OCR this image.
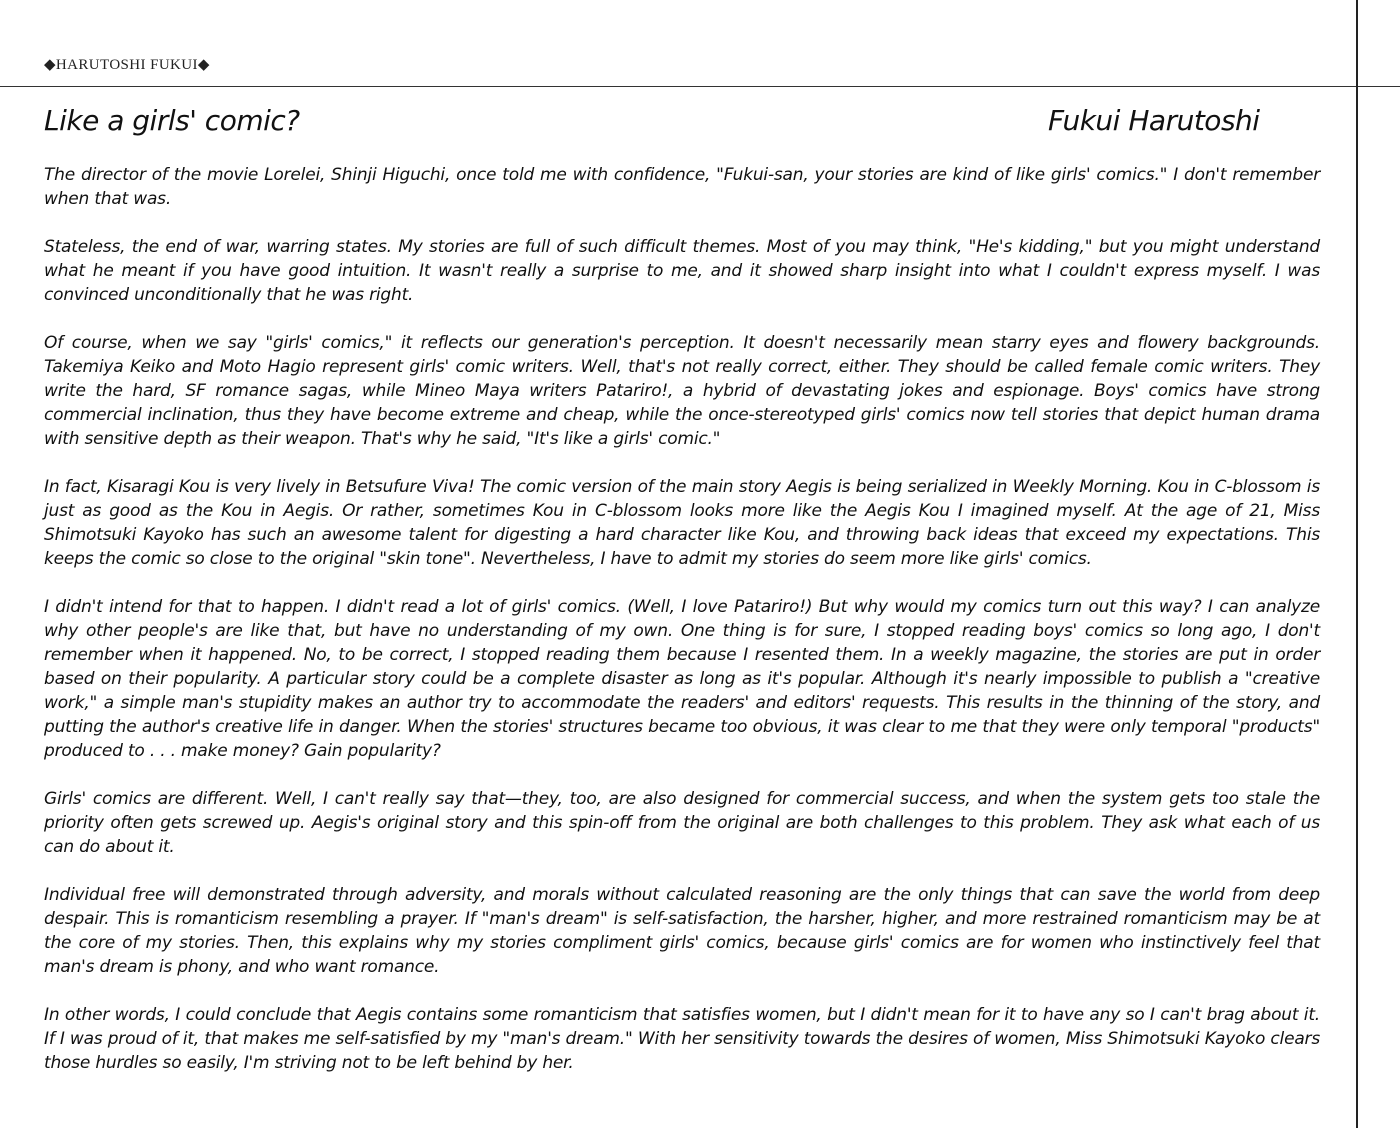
◆HARUTOSHI FUKUI◆
Like a girls' comic?	Fukui Harutoshi

The director of the movie Lorelei, Shinji Higuchi, once told me with confidence, "Fukui-san, your stories are kind of like girls' comics." I don't remember when that was.

Stateless, the end of war, warring states. My stories are full of such difficult themes. Most of you may think, "He's kidding," but you might understand what he meant if you have good intuition. It wasn't really a surprise to me, and it showed sharp insight into what I couldn't express myself. I was convinced unconditionally that he was right.

Of course, when we say "girls' comics," it reflects our generation's perception. It doesn't necessarily mean starry eyes and flowery backgrounds. Takemiya Keiko and Moto Hagio represent girls' comic writers. Well, that's not really correct, either. They should be called female comic writers. They write the hard, SF romance sagas, while Mineo Maya writers Patariro!, a hybrid of devastating jokes and espionage. Boys' comics have strong commercial inclination, thus they have become extreme and cheap, while the once-stereotyped girls' comics now tell stories that depict human drama with sensitive depth as their weapon. That's why he said, "It's like a girls' comic."

In fact, Kisaragi Kou is very lively in Betsufure Viva! The comic version of the main story Aegis is being serialized in Weekly Morning. Kou in C-blossom is just as good as the Kou in Aegis. Or rather, sometimes Kou in C-blossom looks more like the Aegis Kou I imagined myself. At the age of 21, Miss Shimotsuki Kayoko has such an awesome talent for digesting a hard character like Kou, and throwing back ideas that exceed my expectations. This keeps the comic so close to the original "skin tone". Nevertheless, I have to admit my stories do seem more like girls' comics.

I didn't intend for that to happen. I didn't read a lot of girls' comics. (Well, I love Patariro!) But why would my comics turn out this way? I can analyze why other people's are like that, but have no understanding of my own. One thing is for sure, I stopped reading boys' comics so long ago, I don't remember when it happened. No, to be correct, I stopped reading them because I resented them. In a weekly magazine, the stories are put in order based on their popularity. A particular story could be a complete disaster as long as it's popular. Although it's nearly impossible to publish a "creative work," a simple man's stupidity makes an author try to accommodate the readers' and editors' requests. This results in the thinning of the story, and putting the author's creative life in danger. When the stories' structures became too obvious, it was clear to me that they were only temporal "products" produced to . . . make money? Gain popularity?

Girls' comics are different. Well, I can't really say that—they, too, are also designed for commercial success, and when the system gets too stale the priority often gets screwed up. Aegis's original story and this spin-off from the original are both challenges to this problem. They ask what each of us can do about it.

Individual free will demonstrated through adversity, and morals without calculated reasoning are the only things that can save the world from deep despair. This is romanticism resembling a prayer. If "man's dream" is self-satisfaction, the harsher, higher, and more restrained romanticism may be at the core of my stories. Then, this explains why my stories compliment girls' comics, because girls' comics are for women who instinctively feel that man's dream is phony, and who want romance.

In other words, I could conclude that Aegis contains some romanticism that satisfies women, but I didn't mean for it to have any so I can't brag about it. If I was proud of it, that makes me self-satisfied by my "man's dream." With her sensitivity towards the desires of women, Miss Shimotsuki Kayoko clears those hurdles so easily, I'm striving not to be left behind by her.
